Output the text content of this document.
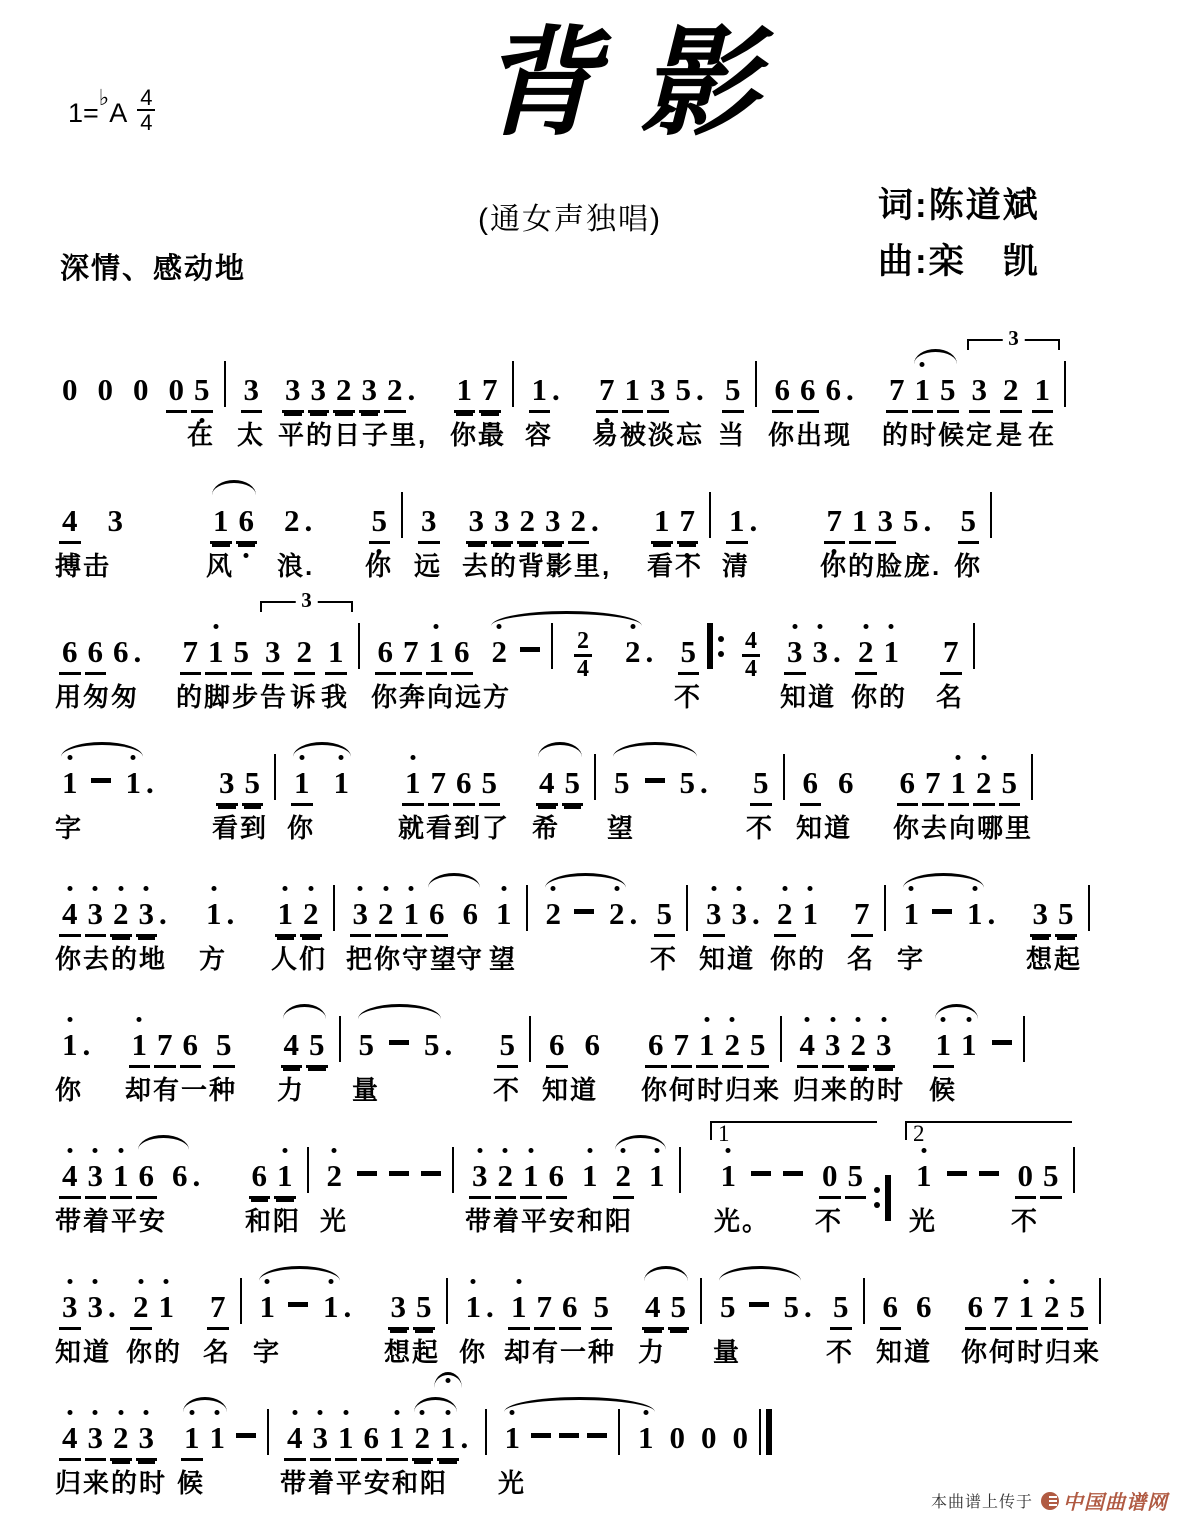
$1=^♭A \frac{4}{4}$	背影
(通女声独唱)	词:陈道斌
曲:栾　凯
深情、感动地
0 0 0 0 5 3 3 3 2 3 2 . 1 7 1 . 7 1 3 5 . 5 6 6 6 . 7 1 5 3 2 1
3
在 太 平的日子里, 你最 容 易被淡忘 当 你出现 的时候定 是 在
4 3	1 6 2 . 5 3 3 3 2 3 2 . 1 7 1 . 7 1 3 5 . 5
搏击	风 浪. 你 远 去的背影里, 看不 清	你的脸庞. 你
6 6 6 . 7 1 5 3 2 1 6 7 1 6 2	$\frac{2}{4} 2$ . $5 \frac{4}{4} 3$ 3 . 2 1 7
3
用匆匆 的脚步告 诉 我 你奔向远方	不	知道 你的 名
1 1 . 3 5 1 1 1 7 6 5 4 5 5 5 . 5 6 6 6 7 1 2 5
字	看到 你	就看到了 希 望	不 知道 你去向哪里
4 3 2 3 . 1 . 1 2 3 2 1 6 6 1 2 2 . 5 3 3 . 2 1 7 1 1 . 3 5
你去的地 方 人们 把你守望
守 望	不 知道 你的 名 字	想起
1 . 1 7 6 5 4 5 5 5 . 5 6 6 6 7 1 2 5 4 3 2 3 1 1
你 却有一种 力 量	不 知道 你何时归来 归来的时 候
4 3 1 6 6 . 6 1 2	3 2 1 6 1 2 1 1	0 5 1	0 5
1	2
带着平安	和阳 光	带着平安和阳	光。 不	光	不
3 3 . 2 1 7 1 1 . 3 5 1 . 1 7 6 5 4 5 5 5 . 5 6 6 6 7 1 2 5
知道 你的 名 字	想起 你 却有一种 力 量	不 知道 你何时归来
4 3 2 3 1 1 4 3 1 6 1 2 1 . 1	1 0 0 0
归来的时 候	带着平安和阳 光
本曲谱上传于 中国曲谱网
